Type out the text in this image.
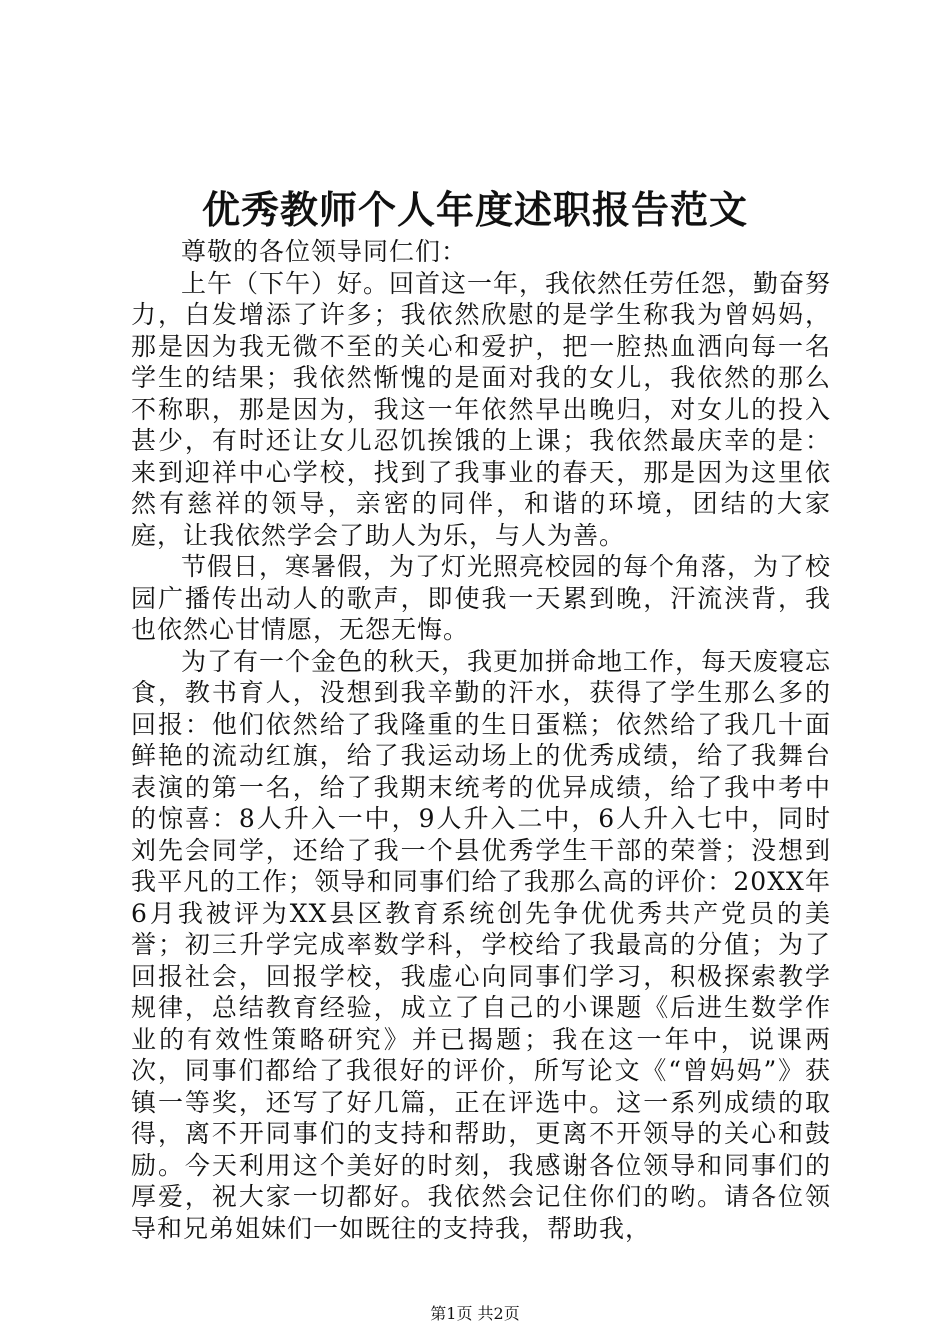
优秀教师个人年度述职报告范文

尊敬的各位领导同仁们：

上午（下午）好。回首这一年，我依然任劳任怨，勤奋努力，白发增添了许多；我依然欣慰的是学生称我为曾妈妈，那是因为我无微不至的关心和爱护，把一腔热血洒向每一名学生的结果；我依然惭愧的是面对我的女儿，我依然的那么不称职，那是因为，我这一年依然早出晚归，对女儿的投入甚少，有时还让女儿忍饥挨饿的上课；我依然最庆幸的是：来到迎祥中心学校，找到了我事业的春天，那是因为这里依然有慈祥的领导，亲密的同伴，和谐的环境，团结的大家庭，让我依然学会了助人为乐，与人为善。

节假日，寒暑假，为了灯光照亮校园的每个角落，为了校园广播传出动人的歌声，即使我一天累到晚，汗流浃背，我也依然心甘情愿，无怨无悔。

为了有一个金色的秋天，我更加拼命地工作，每天废寝忘食，教书育人，没想到我辛勤的汗水，获得了学生那么多的回报：他们依然给了我隆重的生日蛋糕；依然给了我几十面鲜艳的流动红旗，给了我运动场上的优秀成绩，给了我舞台表演的第一名，给了我期末统考的优异成绩，给了我中考中的惊喜：8人升入一中，9人升入二中，6人升入七中，同时刘先会同学，还给了我一个县优秀学生干部的荣誉；没想到我平凡的工作；领导和同事们给了我那么高的评价：20XX年6月我被评为XX县区教育系统创先争优优秀共产党员的美誉；初三升学完成率数学科，学校给了我最高的分值；为了回报社会，回报学校，我虚心向同事们学习，积极探索教学规律，总结教育经验，成立了自己的小课题《后进生数学作业的有效性策略研究》并已揭题；我在这一年中，说课两次，同事们都给了我很好的评价，所写论文《“曾妈妈”》获镇一等奖，还写了好几篇，正在评选中。这一系列成绩的取得，离不开同事们的支持和帮助，更离不开领导的关心和鼓励。今天利用这个美好的时刻，我感谢各位领导和同事们的厚爱，祝大家一切都好。我依然会记住你们的哟。请各位领导和兄弟姐妹们一如既往的支持我，帮助我，

第1页 共2页
